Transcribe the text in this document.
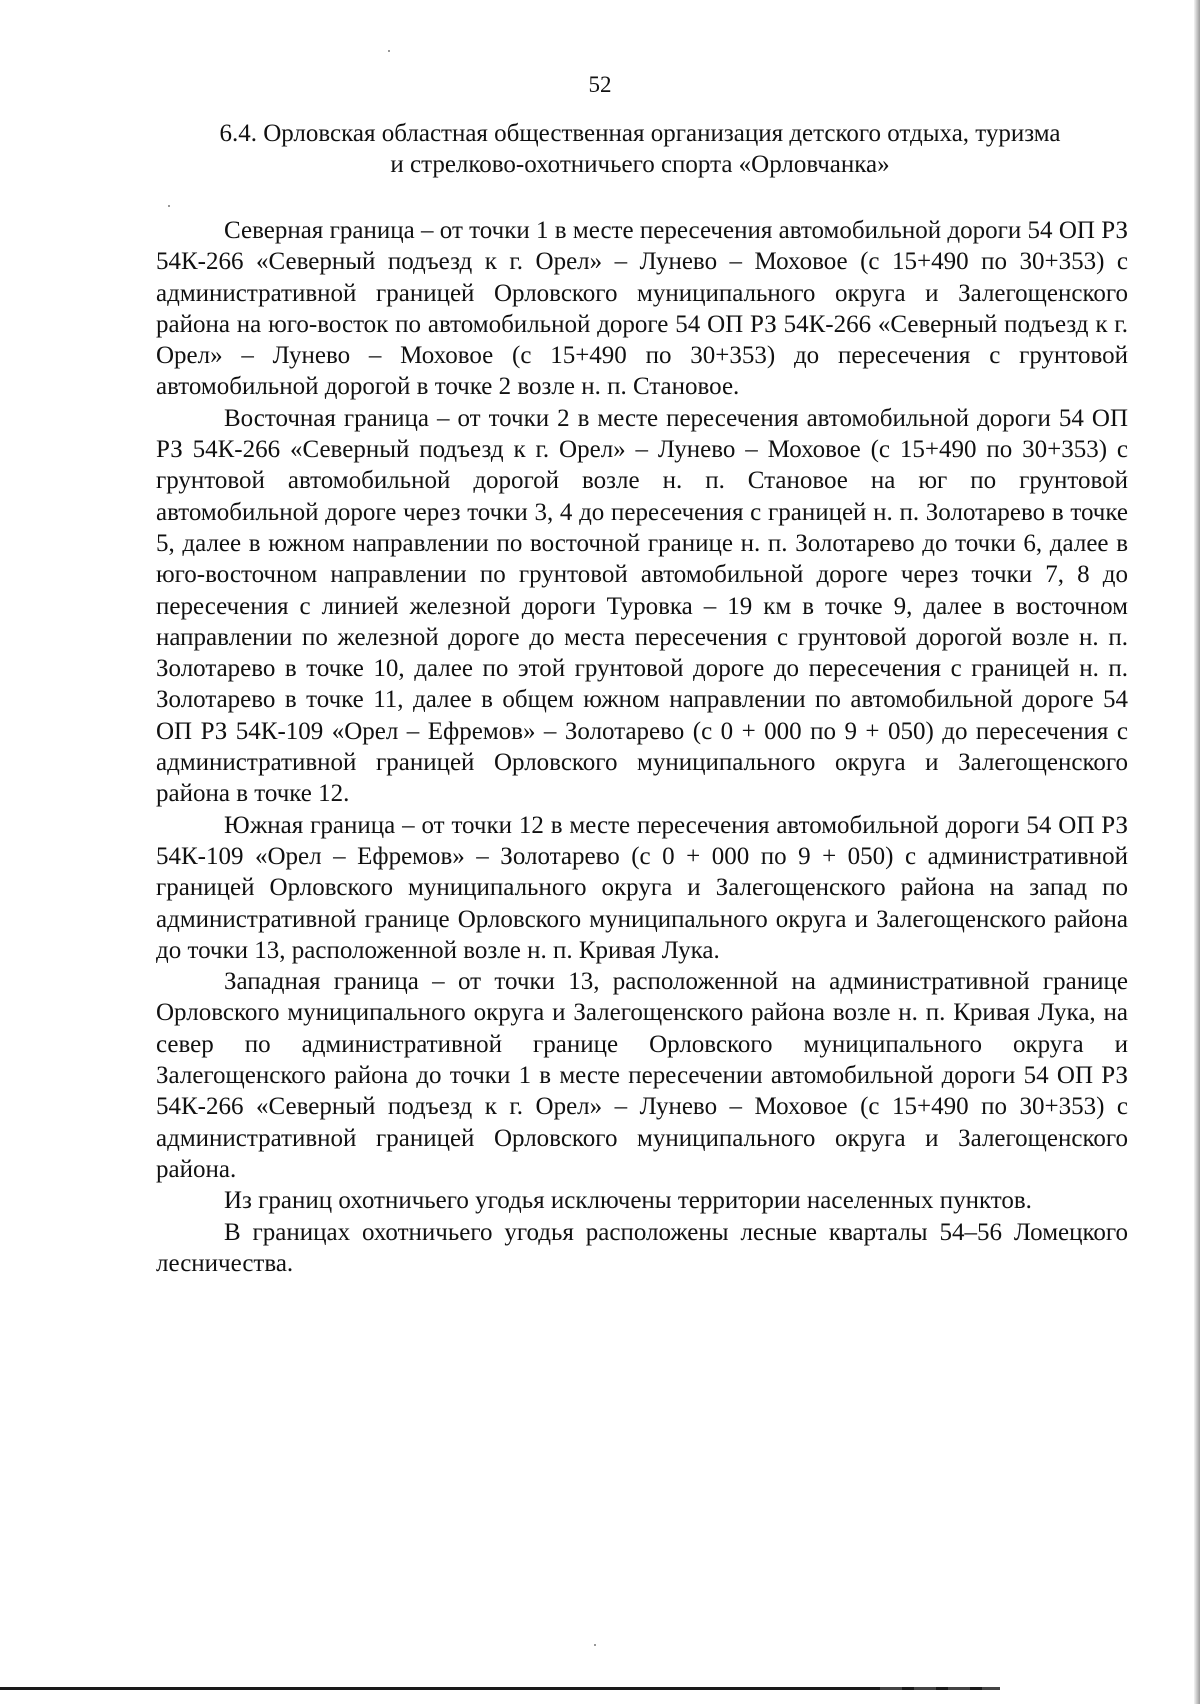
52
6.4. Орловская областная общественная организация детского отдыха, туризма
и стрелково-охотничьего спорта «Орловчанка»

Северная граница – от точки 1 в месте пересечения автомобильной дороги 54 ОП РЗ 54К-266 «Северный подъезд к г. Орел» – Лунево – Моховое (с 15+490 по 30+353) с административной границей Орловского муниципального округа и Залегощенского района на юго-восток по автомобильной дороге 54 ОП РЗ 54К-266 «Северный подъезд к г. Орел» – Лунево – Моховое (с 15+490 по 30+353) до пересечения с грунтовой автомобильной дорогой в точке 2 возле н. п. Становое.

Восточная граница – от точки 2 в месте пересечения автомобильной дороги 54 ОП РЗ 54К-266 «Северный подъезд к г. Орел» – Лунево – Моховое (с 15+490 по 30+353) с грунтовой автомобильной дорогой возле н. п. Становое на юг по грунтовой автомобильной дороге через точки 3, 4 до пересечения с границей н. п. Золотарево в точке 5, далее в южном направлении по восточной границе н. п. Золотарево до точки 6, далее в юго-восточном направлении по грунтовой автомобильной дороге через точки 7, 8 до пересечения с линией железной дороги Туровка – 19 км в точке 9, далее в восточном направлении по железной дороге до места пересечения с грунтовой дорогой возле н. п. Золотарево в точке 10, далее по этой грунтовой дороге до пересечения с границей н. п. Золотарево в точке 11, далее в общем южном направлении по автомобильной дороге 54 ОП РЗ 54К-109 «Орел – Ефремов» – Золотарево (с 0 + 000 по 9 + 050) до пересечения с административной границей Орловского муниципального округа и Залегощенского района в точке 12.

Южная граница – от точки 12 в месте пересечения автомобильной дороги 54 ОП РЗ 54К-109 «Орел – Ефремов» – Золотарево (с 0 + 000 по 9 + 050) с административной границей Орловского муниципального округа и Залегощенского района на запад по административной границе Орловского муниципального округа и Залегощенского района до точки 13, расположенной возле н. п. Кривая Лука.

Западная граница – от точки 13, расположенной на административной границе Орловского муниципального округа и Залегощенского района возле н. п. Кривая Лука, на север по административной границе Орловского муниципального округа и Залегощенского района до точки 1 в месте пересечении автомобильной дороги 54 ОП РЗ 54К-266 «Северный подъезд к г. Орел» – Лунево – Моховое (с 15+490 по 30+353) с административной границей Орловского муниципального округа и Залегощенского района.

Из границ охотничьего угодья исключены территории населенных пунктов.

В границах охотничьего угодья расположены лесные кварталы 54–56 Ломецкого лесничества.
